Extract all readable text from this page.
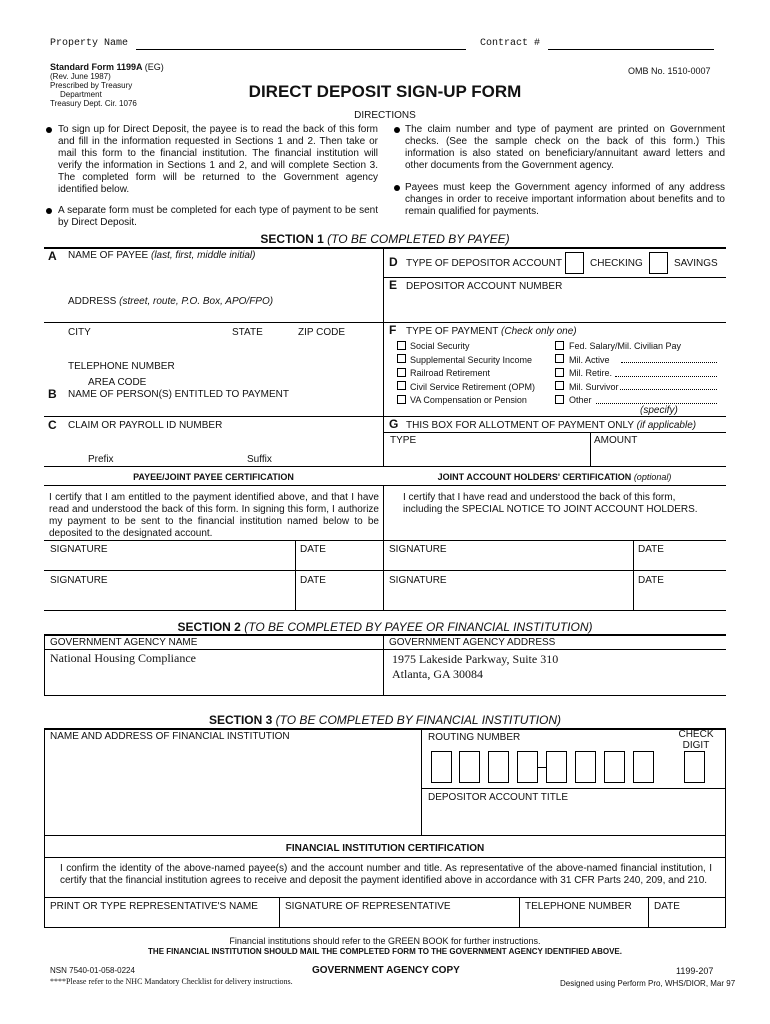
Property Name	Contract #
Standard Form 1199A (EG)
(Rev. June 1987)
Prescribed by Treasury
Department
Treasury Dept. Cir. 1076
OMB No. 1510-0007
DIRECT DEPOSIT SIGN-UP FORM
DIRECTIONS
To sign up for Direct Deposit, the payee is to read the back of this form and fill in the information requested in Sections 1 and 2. Then take or mail this form to the financial institution. The financial institution will verify the information in Sections 1 and 2, and will complete Section 3. The completed form will be returned to the Government agency identified below.
A separate form must be completed for each type of payment to be sent by Direct Deposit.
The claim number and type of payment are printed on Government checks. (See the sample check on the back of this form.) This information is also stated on beneficiary/annuitant award letters and other documents from the Government agency.
Payees must keep the Government agency informed of any address changes in order to receive important information about benefits and to remain qualified for payments.
SECTION 1 (TO BE COMPLETED BY PAYEE)
A NAME OF PAYEE (last, first, middle initial)
ADDRESS (street, route, P.O. Box, APO/FPO)
CITY	STATE	ZIP CODE
TELEPHONE NUMBER
AREA CODE
B NAME OF PERSON(S) ENTITLED TO PAYMENT
C CLAIM OR PAYROLL ID NUMBER
Prefix	Suffix
D TYPE OF DEPOSITOR ACCOUNT	CHECKING	SAVINGS
E DEPOSITOR ACCOUNT NUMBER
F TYPE OF PAYMENT (Check only one)
Social Security
Supplemental Security Income
Railroad Retirement
Civil Service Retirement (OPM)
VA Compensation or Pension
Fed. Salary/Mil. Civilian Pay
Mil. Active
Mil. Retire.
Mil. Survivor
Other
(specify)
G THIS BOX FOR ALLOTMENT OF PAYMENT ONLY (if applicable)
TYPE	AMOUNT
PAYEE/JOINT PAYEE CERTIFICATION	JOINT ACCOUNT HOLDERS' CERTIFICATION (optional)
I certify that I am entitled to the payment identified above, and that I have read and understood the back of this form. In signing this form, I authorize my payment to be sent to the financial institution named below to be deposited to the designated account.
I certify that I have read and understood the back of this form, including the SPECIAL NOTICE TO JOINT ACCOUNT HOLDERS.
SIGNATURE	DATE	SIGNATURE	DATE
SIGNATURE	DATE	SIGNATURE	DATE
SECTION 2 (TO BE COMPLETED BY PAYEE OR FINANCIAL INSTITUTION)
GOVERNMENT AGENCY NAME
National Housing Compliance
GOVERNMENT AGENCY ADDRESS
1975 Lakeside Parkway, Suite 310
Atlanta, GA 30084
SECTION 3 (TO BE COMPLETED BY FINANCIAL INSTITUTION)
NAME AND ADDRESS OF FINANCIAL INSTITUTION	ROUTING NUMBER	CHECK
DIGIT
DEPOSITOR ACCOUNT TITLE
FINANCIAL INSTITUTION CERTIFICATION
I confirm the identity of the above-named payee(s) and the account number and title. As representative of the above-named financial institution, I certify that the financial institution agrees to receive and deposit the payment identified above in accordance with 31 CFR Parts 240, 209, and 210.
PRINT OR TYPE REPRESENTATIVE'S NAME	SIGNATURE OF REPRESENTATIVE	TELEPHONE NUMBER DATE
Financial institutions should refer to the GREEN BOOK for further instructions.
THE FINANCIAL INSTITUTION SHOULD MAIL THE COMPLETED FORM TO THE GOVERNMENT AGENCY IDENTIFIED ABOVE.
NSN 7540-01-058-0224
****Please refer to the NHC Mandatory Checklist for delivery instructions.
GOVERNMENT AGENCY COPY	1199-207
Designed using Perform Pro, WHS/DIOR, Mar 97
